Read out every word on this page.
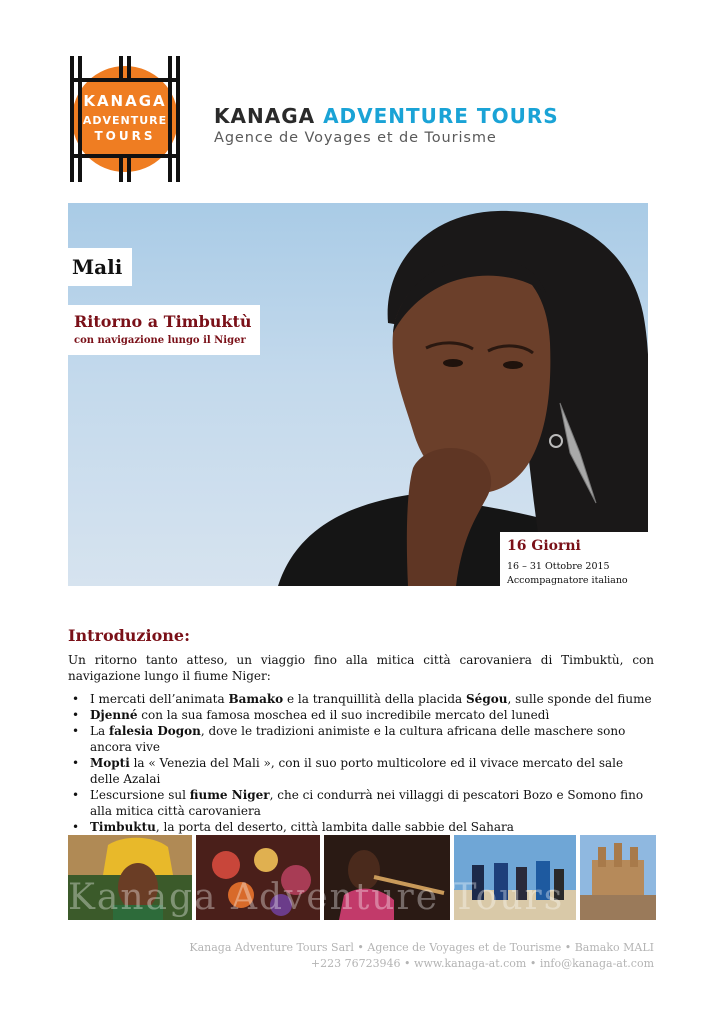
KANAGA
ADVENTURE
TOURS
KANAGA ADVENTURE TOURS
Agence de Voyages et de Tourisme
Mali
Ritorno a Timbuktù
con navigazione lungo il Niger
16 Giorni
16 – 31 Ottobre 2015
Accompagnatore italiano
Introduzione:
Un ritorno tanto atteso, un viaggio fino alla mitica città carovaniera di Timbuktù, con navigazione lungo il fiume Niger:
• I mercati dell’animata Bamako e la tranquillità della placida Ségou, sulle sponde del fiume
• Djenné con la sua famosa moschea ed il suo incredibile mercato del lunedì
• La falesia Dogon, dove le tradizioni animiste e la cultura africana delle maschere sono ancora vive
• Mopti la « Venezia del Mali », con il suo porto multicolore ed il vivace mercato del sale delle Azalai
• L’escursione sul fiume Niger, che ci condurrà nei villaggi di pescatori Bozo e Somono fino alla mitica città carovaniera
• Timbuktu, la porta del deserto, città lambita dalle sabbie del Sahara
Kanaga Adventure Tours
Kanaga Adventure Tours Sarl • Agence de Voyages et de Tourisme • Bamako MALI
+223 76723946 • www.kanaga-at.com • info@kanaga-at.com
